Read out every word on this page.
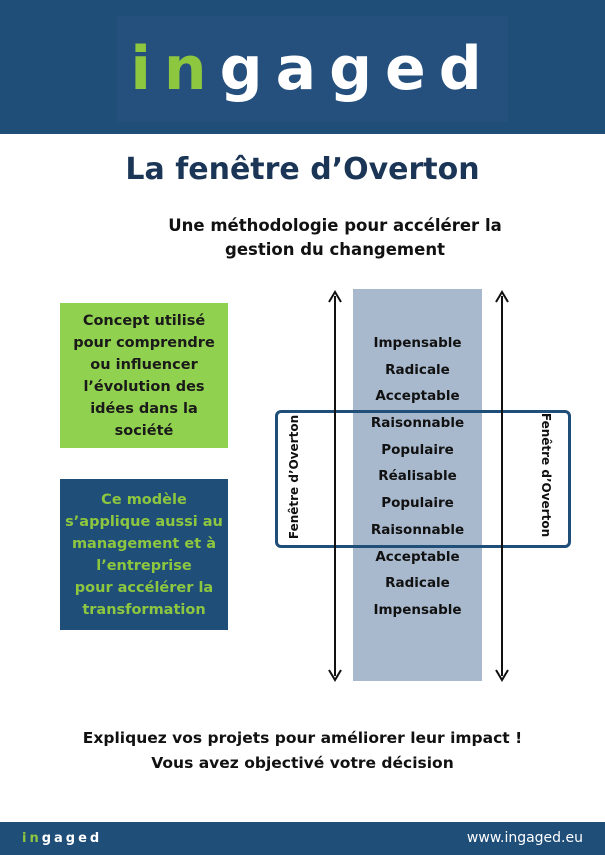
in gaged
La fenêtre d’Overton
Une méthodologie pour accélérer la
gestion du changement
Concept utilisé
pour comprendre
ou influencer
l’évolution des
idées dans la
société
Ce modèle
s’applique aussi au
management et à
l’entreprise
pour accélérer la
transformation
Impensable
Radicale
Acceptable
Raisonnable
Populaire
Réalisable
Populaire
Raisonnable
Acceptable
Radicale
Impensable
Fenêtre d’Overton	Fenêtre d’Overton
Expliquez vos projets pour améliorer leur impact !
Vous avez objectivé votre décision
ingaged	www.ingaged.eu
